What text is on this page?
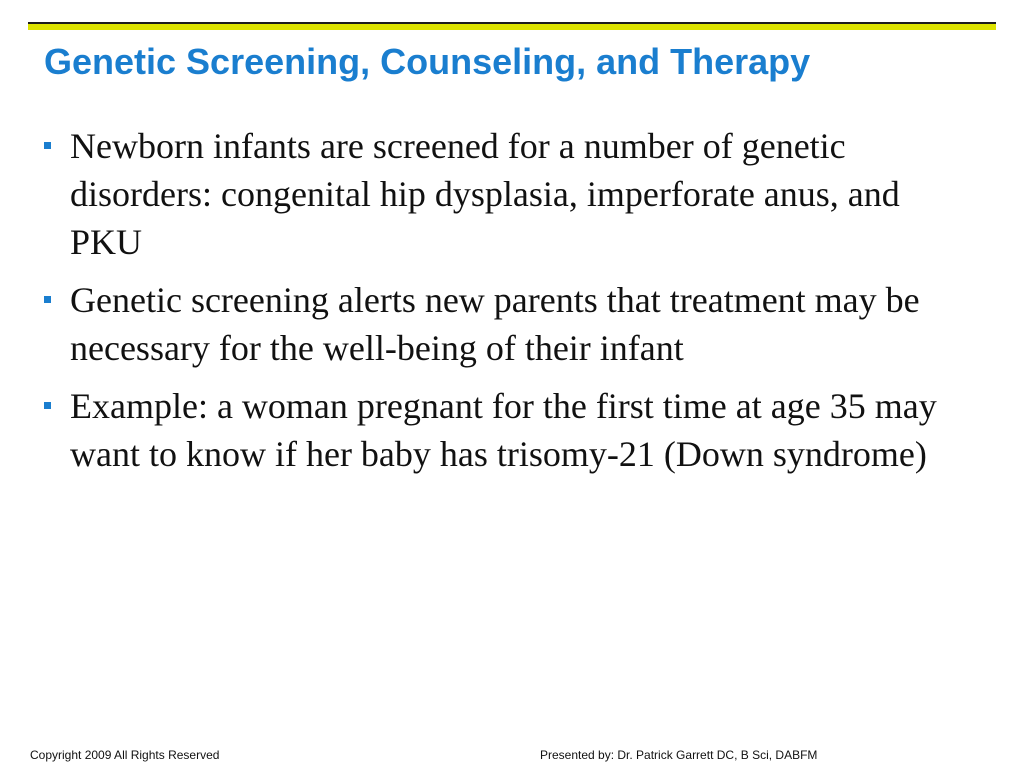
Genetic Screening, Counseling, and Therapy
Newborn infants are screened for a number of genetic disorders: congenital hip dysplasia, imperforate anus, and PKU
Genetic screening alerts new parents that treatment may be necessary for the well-being of their infant
Example: a woman pregnant for the first time at age 35 may want to know if her baby has trisomy-21 (Down syndrome)
Copyright 2009 All Rights Reserved	Presented by: Dr. Patrick Garrett DC, B Sci, DABFM
